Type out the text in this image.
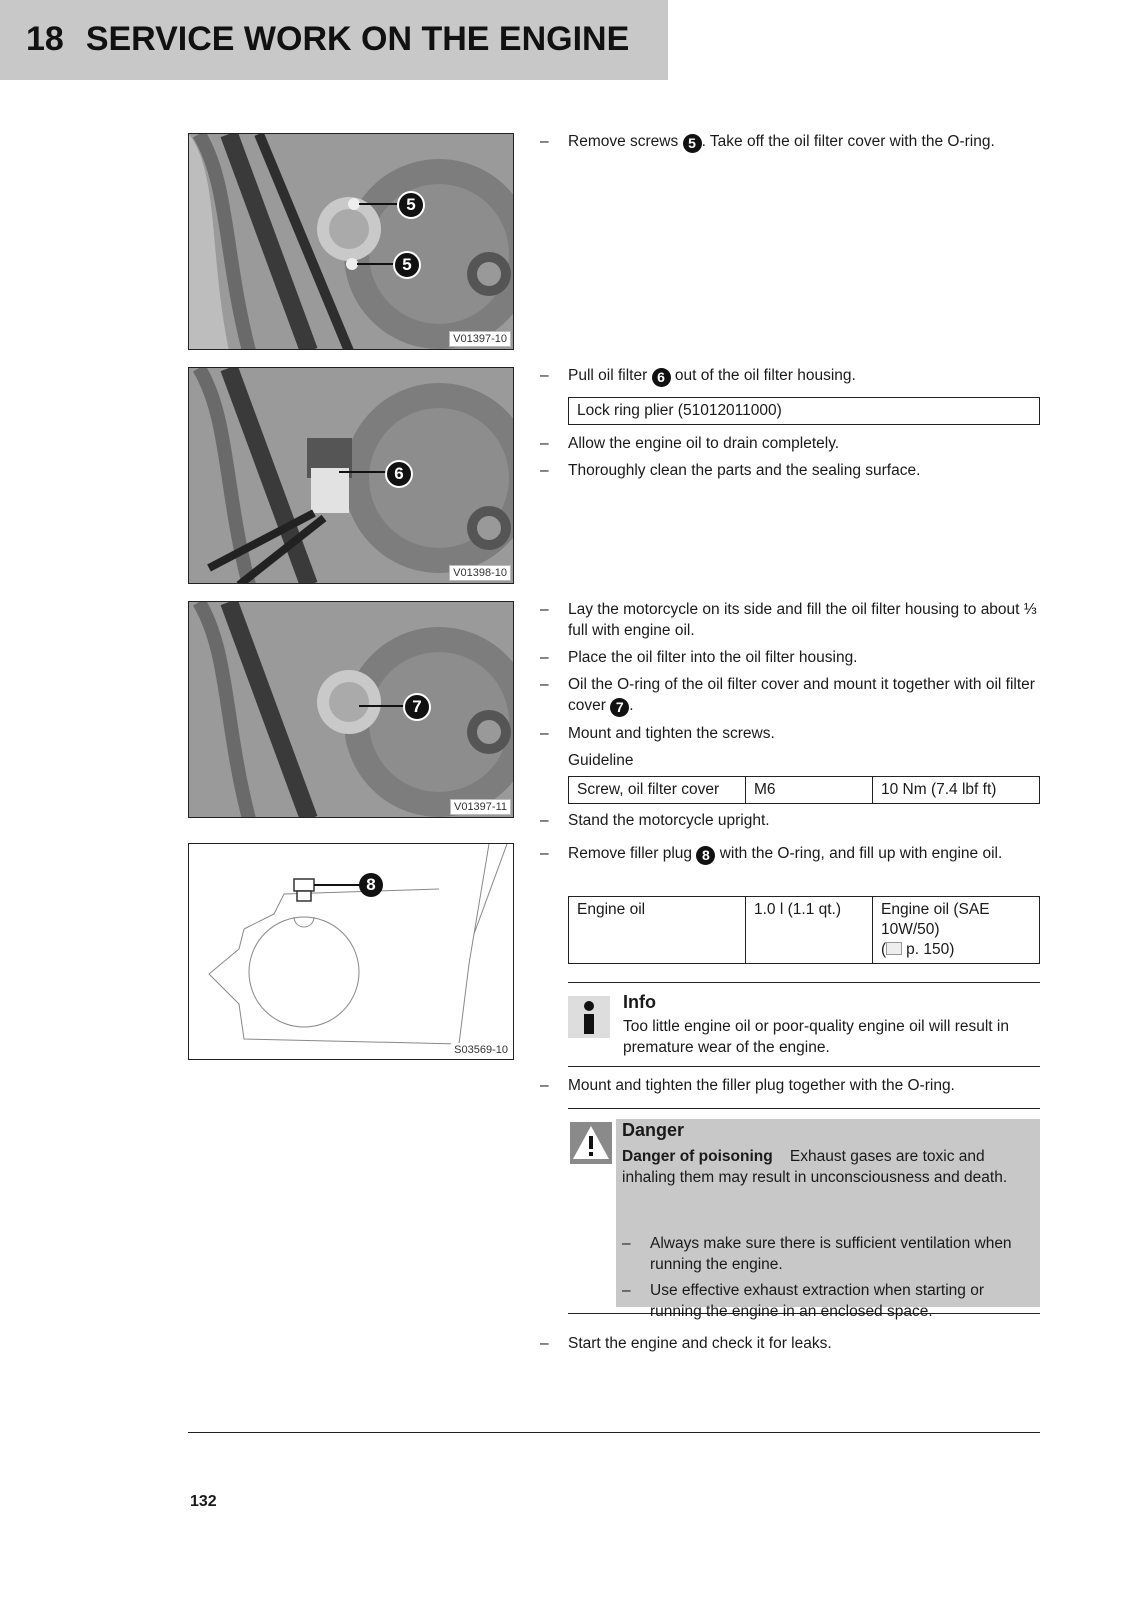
18 SERVICE WORK ON THE ENGINE
5
5
V01397-10
6
V01398-10
7
V01397-11
8
S03569-10
– Remove screws 5 . Take off the oil filter cover with the O-ring.
– Pull oil filter 6 out of the oil filter housing.
Lock ring plier (51012011000)
– Allow the engine oil to drain completely.
– Thoroughly clean the parts and the sealing surface.
– Lay the motorcycle on its side and fill the oil filter housing to about ⅓ full with engine oil.
– Place the oil filter into the oil filter housing.
– Oil the O-ring of the oil filter cover and mount it together with oil filter cover 7 .
– Mount and tighten the screws.
Guideline
Screw, oil filter cover	M6	10 Nm (7.4 lbf ft)
– Stand the motorcycle upright.
– Remove filler plug 8 with the O-ring, and fill up with engine oil.
Engine oil	1.0 l (1.1 qt.)	Engine oil (SAE
10W/50)
( p. 150)
Info
Too little engine oil or poor-quality engine oil will result in premature wear of the engine.
– Mount and tighten the filler plug together with the O-ring.
Danger
Danger of poisoning Exhaust gases are toxic and inhaling them may result in unconsciousness and death.
– Always make sure there is sufficient ventilation when running the engine.
– Use effective exhaust extraction when starting or running the engine in an enclosed space.
– Start the engine and check it for leaks.
132
